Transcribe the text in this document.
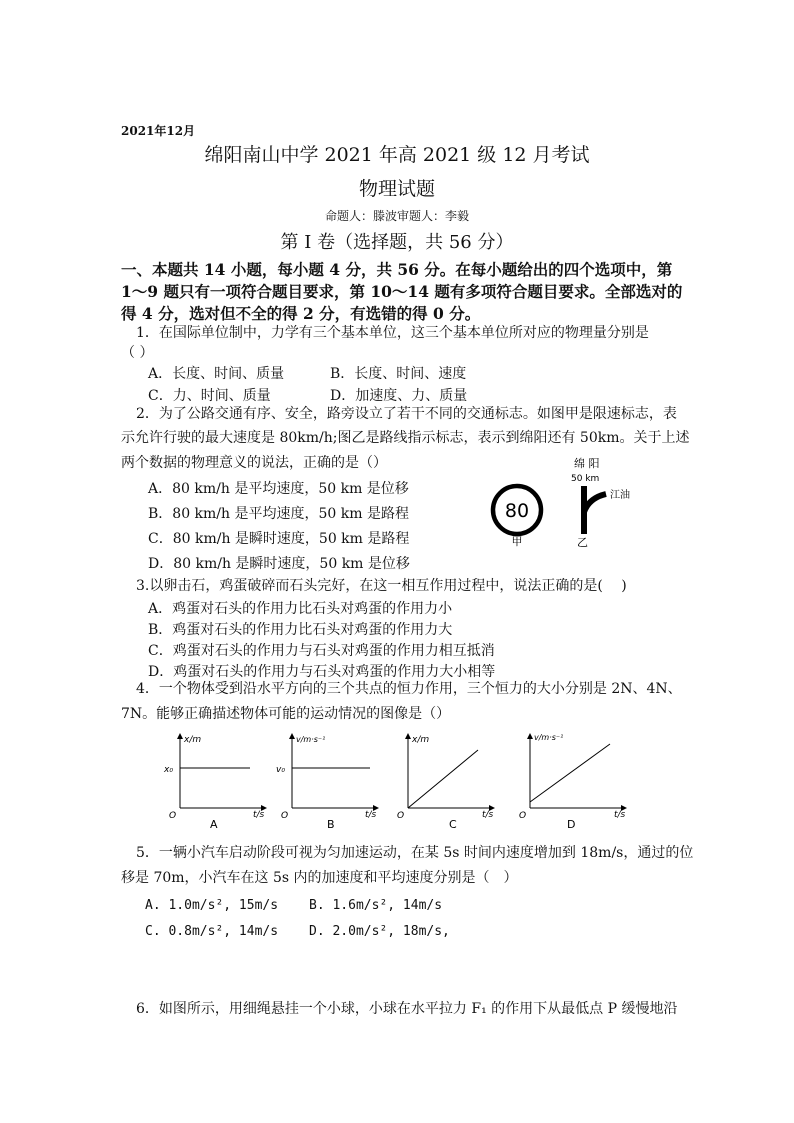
2021年12月
绵阳南山中学 2021 年高 2021 级 12 月考试
物理试题
命题人：滕波审题人：李毅
第 I 卷（选择题，共 56 分）
一、本题共 14 小题，每小题 4 分，共 56 分。在每小题给出的四个选项中，第
1～9 题只有一项符合题目要求，第 10～14 题有多项符合题目要求。全部选对的
得 4 分，选对但不全的得 2 分，有选错的得 0 分。
1．在国际单位制中，力学有三个基本单位，这三个基本单位所对应的物理量分别是
（ ）
A．长度、时间、质量	B．长度、时间、速度
C．力、时间、质量	D．加速度、力、质量
2．为了公路交通有序、安全，路旁设立了若干不同的交通标志。如图甲是限速标志，表
示允许行驶的最大速度是 80km/h;图乙是路线指示标志，表示到绵阳还有 50km。关于上述
两个数据的物理意义的说法，正确的是（）
A．80 km/h 是平均速度，50 km 是位移
B．80 km/h 是平均速度，50 km 是路程
C．80 km/h 是瞬时速度，50 km 是路程
D．80 km/h 是瞬时速度，50 km 是位移
80
甲
绵 阳
50 km
江油
乙
3.以卵击石，鸡蛋破碎而石头完好，在这一相互作用过程中，说法正确的是(　 )
A．鸡蛋对石头的作用力比石头对鸡蛋的作用力小
B．鸡蛋对石头的作用力比石头对鸡蛋的作用力大
C．鸡蛋对石头的作用力与石头对鸡蛋的作用力相互抵消
D．鸡蛋对石头的作用力与石头对鸡蛋的作用力大小相等
4．一个物体受到沿水平方向的三个共点的恒力作用，三个恒力的大小分别是 2N、4N、
7N。能够正确描述物体可能的运动情况的图像是（）
x/m
t/s
O
x₀
A
v/m·s⁻¹
t/s
O
v₀
B
x/m
t/s
O
C
v/m·s⁻¹
t/s
O
D
5．一辆小汽车启动阶段可视为匀加速运动，在某 5s 时间内速度增加到 18m/s，通过的位
移是 70m，小汽车在这 5s 内的加速度和平均速度分别是（　）
A. 1.0m/s², 15m/s B. 1.6m/s², 14m/s
C. 0.8m/s², 14m/s D. 2.0m/s², 18m/s,
6．如图所示，用细绳悬挂一个小球，小球在水平拉力 F₁ 的作用下从最低点 P 缓慢地沿
